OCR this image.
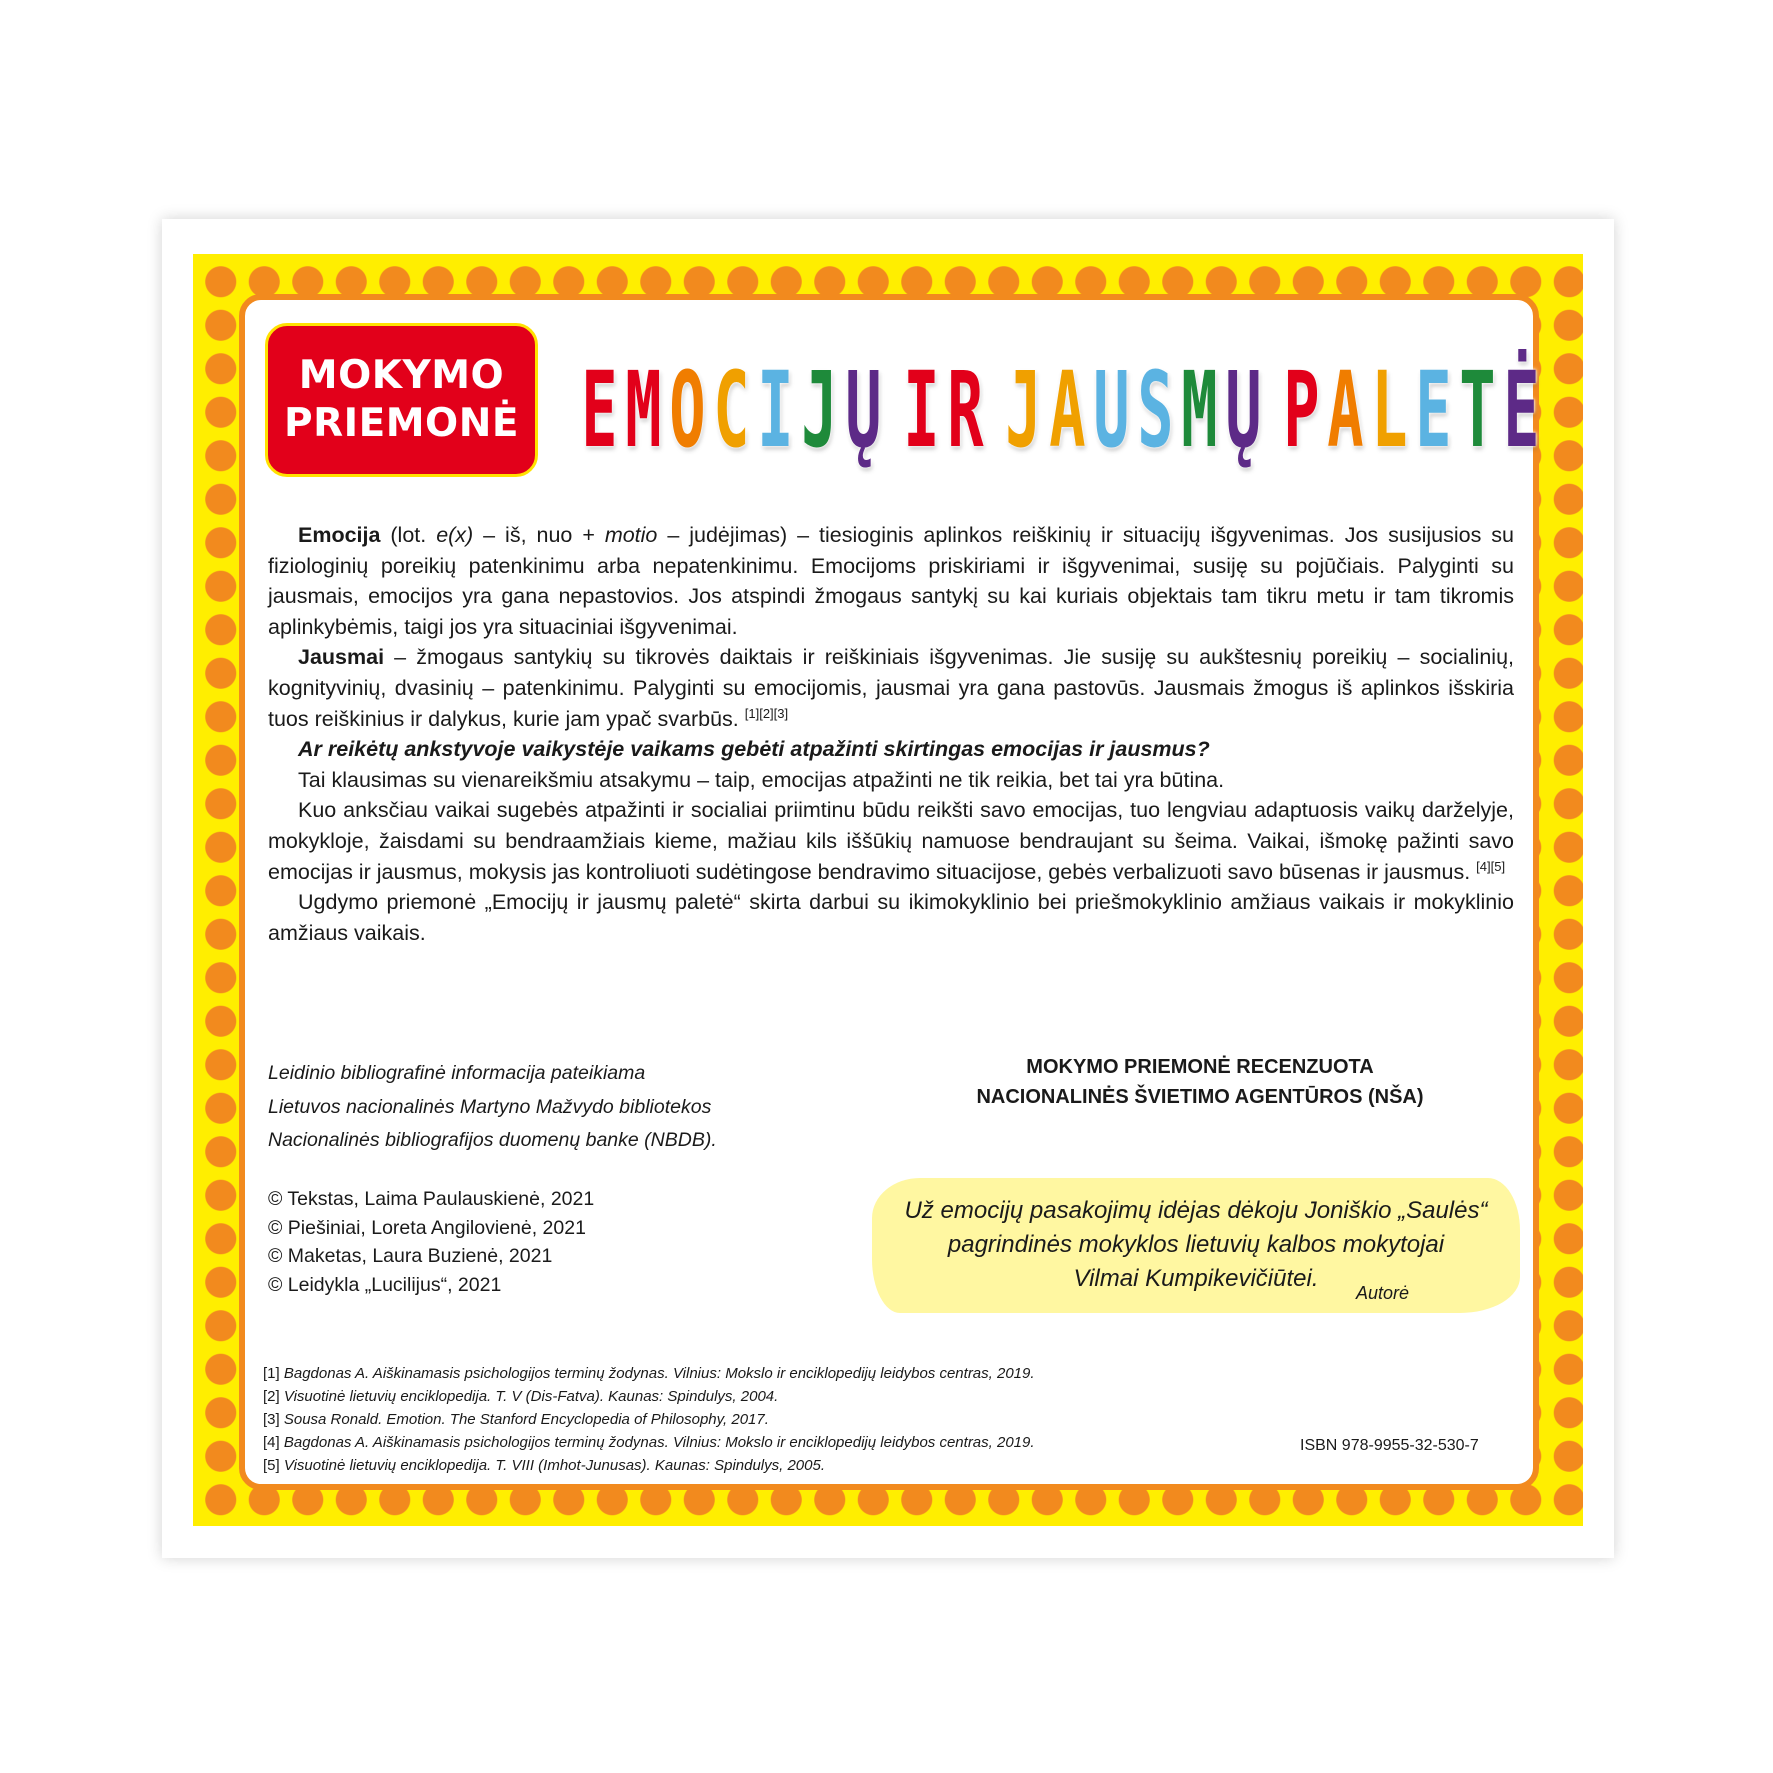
MOKYMO
PRIEMONĖ E M O C I J Ų
I R
J A U S M Ų
P A L E T Ė

Emocija (lot. e(x) – iš, nuo + motio – judėjimas) – tiesioginis aplinkos reiškinių ir situacijų išgyvenimas. Jos susijusios su fiziologinių poreikių patenkinimu arba nepatenkinimu. Emocijoms priskiriami ir išgyvenimai, susiję su pojūčiais. Palyginti su jausmais, emocijos yra gana nepastovios. Jos atspindi žmogaus santykį su kai kuriais objektais tam tikru metu ir tam tikromis aplinkybėmis, taigi jos yra situaciniai išgyvenimai.

Jausmai – žmogaus santykių su tikrovės daiktais ir reiškiniais išgyvenimas. Jie susiję su aukštesnių poreikių – socialinių, kognityvinių, dvasinių – patenkinimu. Palyginti su emocijomis, jausmai yra gana pastovūs. Jausmais žmogus iš aplinkos išskiria tuos reiškinius ir dalykus, kurie jam ypač svarbūs. [1][2][3]

Ar reikėtų ankstyvoje vaikystėje vaikams gebėti atpažinti skirtingas emocijas ir jausmus?

Tai klausimas su vienareikšmiu atsakymu – taip, emocijas atpažinti ne tik reikia, bet tai yra būtina.

Kuo anksčiau vaikai sugebės atpažinti ir socialiai priimtinu būdu reikšti savo emocijas, tuo lengviau adaptuosis vaikų darželyje, mokykloje, žaisdami su bendraamžiais kieme, mažiau kils iššūkių namuose bendraujant su šeima. Vaikai, išmokę pažinti savo emocijas ir jausmus, mokysis jas kontroliuoti sudėtingose bendravimo situacijose, gebės verbalizuoti savo būsenas ir jausmus. [4][5]

Ugdymo priemonė „Emocijų ir jausmų paletė“ skirta darbui su ikimokyklinio bei priešmokyklinio amžiaus vaikais ir mokyklinio amžiaus vaikais.

Leidinio bibliografinė informacija pateikiama
Lietuvos nacionalinės Martyno Mažvydo bibliotekos
Nacionalinės bibliografijos duomenų banke (NBDB).
© Tekstas, Laima Paulauskienė, 2021
© Piešiniai, Loreta Angilovienė, 2021
© Maketas, Laura Buzienė, 2021
© Leidykla „Lucilijus“, 2021
MOKYMO PRIEMONĖ RECENZUOTA
NACIONALINĖS ŠVIETIMO AGENTŪROS (NŠA)
Už emocijų pasakojimų idėjas dėkoju Joniškio „Saulės“
pagrindinės mokyklos lietuvių kalbos mokytojai
Vilmai Kumpikevičiūtei.
Autorė
[1] Bagdonas A. Aiškinamasis psichologijos terminų žodynas. Vilnius: Mokslo ir enciklopedijų leidybos centras, 2019.
[2] Visuotinė lietuvių enciklopedija. T. V (Dis-Fatva). Kaunas: Spindulys, 2004.
[3] Sousa Ronald. Emotion. The Stanford Encyclopedia of Philosophy, 2017.
[4] Bagdonas A. Aiškinamasis psichologijos terminų žodynas. Vilnius: Mokslo ir enciklopedijų leidybos centras, 2019.
[5] Visuotinė lietuvių enciklopedija. T. VIII (Imhot-Junusas). Kaunas: Spindulys, 2005.
ISBN 978-9955-32-530-7
